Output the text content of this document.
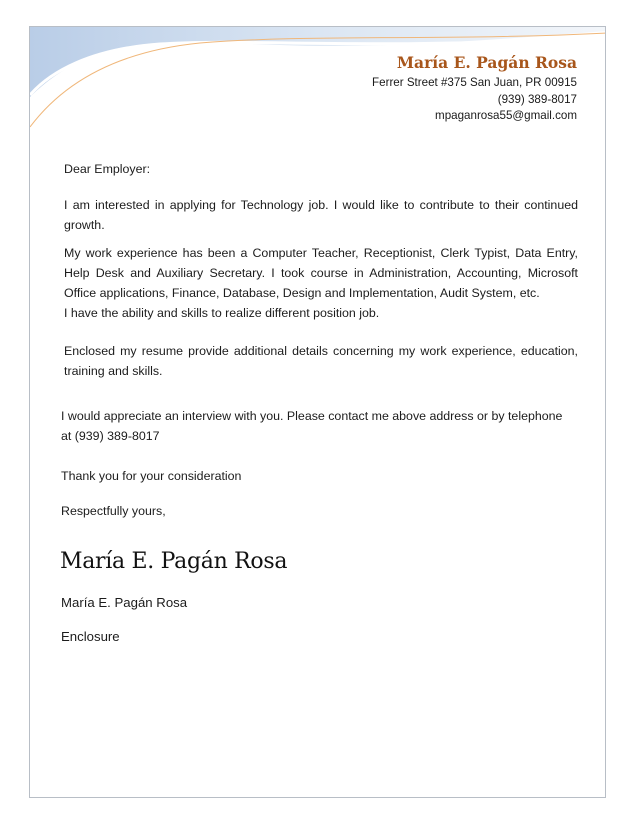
María E. Pagán Rosa
Ferrer Street #375 San Juan, PR 00915
(939) 389-8017
mpaganrosa55@gmail.com

Dear Employer:

I am interested in applying for Technology job. I would like to contribute to their continued growth.

My work experience has been a Computer Teacher, Receptionist, Clerk Typist, Data Entry, Help Desk and Auxiliary Secretary. I took course in Administration, Accounting, Microsoft Office applications, Finance, Database, Design and Implementation, Audit System, etc.

I have the ability and skills to realize different position job.

Enclosed my resume provide additional details concerning my work experience, education, training and skills.

I would appreciate an interview with you. Please contact me above address or by telephone at (939) 389-8017

Thank you for your consideration

Respectfully yours,

María E. Pagán Rosa

María E. Pagán Rosa

Enclosure
